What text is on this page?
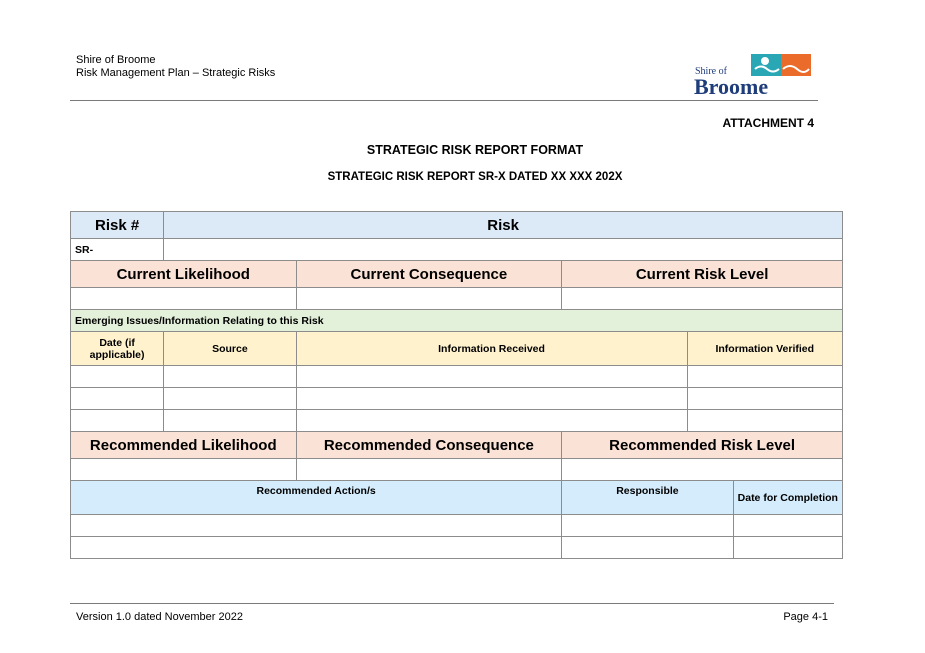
Shire of Broome
Risk Management Plan – Strategic Risks	Shire of
Broome
ATTACHMENT 4
STRATEGIC RISK REPORT FORMAT
STRATEGIC RISK REPORT SR-X DATED XX XXX 202X
Risk #	Risk				
SR-					
Current Likelihood		Current Consequence	Current Risk Level		

Emerging Issues/Information Relating to this Risk					
Date (if applicable)	Source	Information Received		Information Verified	

Recommended Likelihood		Recommended Consequence	Recommended Risk Level		

Recommended Action/s			Responsible		Date for Completion

Version 1.0 dated November 2022	Page 4-1
